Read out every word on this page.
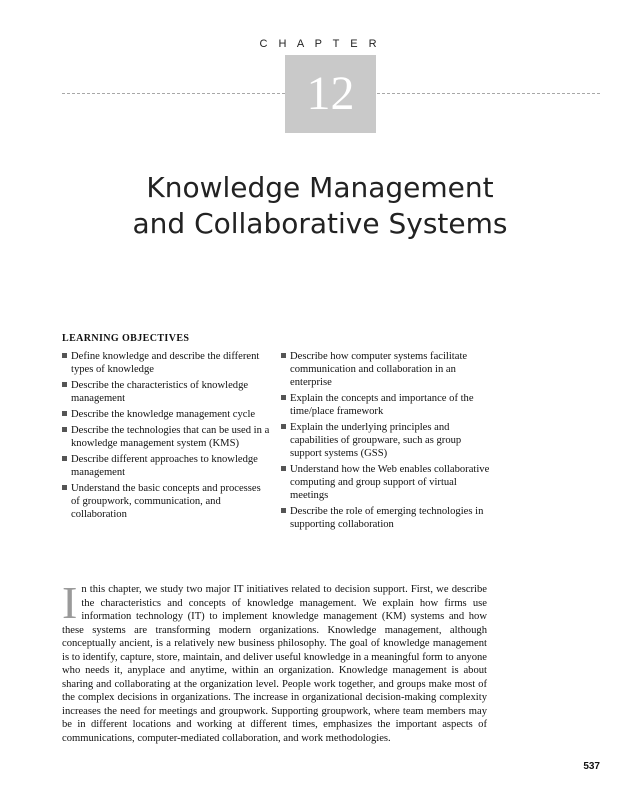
C H A P T E R
12
Knowledge Management
and Collaborative Systems
LEARNING OBJECTIVES
Define knowledge and describe the different types of knowledge
Describe the characteristics of knowledge management
Describe the knowledge management cycle
Describe the technologies that can be used in a knowledge management system (KMS)
Describe different approaches to knowledge management
Understand the basic concepts and processes of groupwork, communication, and collaboration
Describe how computer systems facilitate communication and collaboration in an enterprise
Explain the concepts and importance of the time/place framework
Explain the underlying principles and capabilities of groupware, such as group support systems (GSS)
Understand how the Web enables collaborative computing and group support of virtual meetings
Describe the role of emerging technologies in supporting collaboration

In this chapter, we study two major IT initiatives related to decision support. First, we describe the characteristics and concepts of knowledge management. We explain how firms use information technology (IT) to implement knowledge management (KM) systems and how these systems are transforming modern organizations. Knowledge management, although conceptually ancient, is a relatively new business philosophy. The goal of knowledge management is to identify, capture, store, maintain, and deliver useful knowledge in a meaningful form to anyone who needs it, anyplace and anytime, within an organization. Knowledge management is about sharing and collaborating at the organization level. People work together, and groups make most of the complex decisions in organizations. The increase in organizational decision-making complexity increases the need for meetings and groupwork. Supporting groupwork, where team members may be in different locations and working at different times, emphasizes the important aspects of communications, computer-mediated collaboration, and work methodologies.

537
